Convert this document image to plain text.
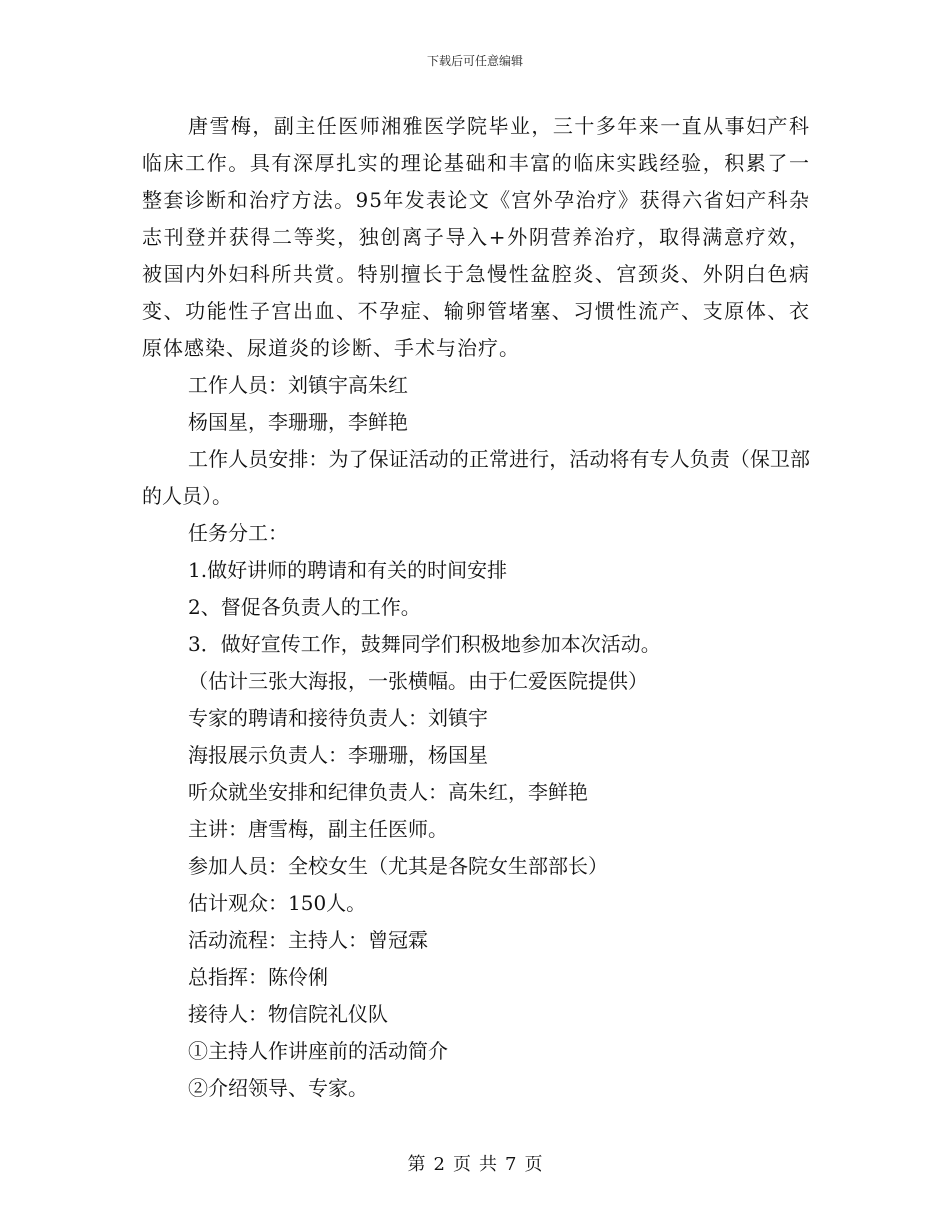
下载后可任意编辑

唐雪梅，副主任医师湘雅医学院毕业，三十多年来一直从事妇产科临床工作。具有深厚扎实的理论基础和丰富的临床实践经验，积累了一整套诊断和治疗方法。95年发表论文《宫外孕治疗》获得六省妇产科杂志刊登并获得二等奖，独创离子导入+外阴营养治疗，取得满意疗效，被国内外妇科所共赏。特别擅长于急慢性盆腔炎、宫颈炎、外阴白色病变、功能性子宫出血、不孕症、输卵管堵塞、习惯性流产、支原体、衣原体感染、尿道炎的诊断、手术与治疗。

工作人员：刘镇宇高朱红

杨国星，李珊珊，李鲜艳

工作人员安排：为了保证活动的正常进行，活动将有专人负责（保卫部的人员）。

任务分工：

1.做好讲师的聘请和有关的时间安排

2、督促各负责人的工作。

3．做好宣传工作，鼓舞同学们积极地参加本次活动。

（估计三张大海报，一张横幅。由于仁爱医院提供）

专家的聘请和接待负责人：刘镇宇

海报展示负责人：李珊珊，杨国星

听众就坐安排和纪律负责人：高朱红，李鲜艳

主讲：唐雪梅，副主任医师。

参加人员：全校女生（尤其是各院女生部部长）

估计观众：150人。

活动流程：主持人：曾冠霖

总指挥：陈伶俐

接待人：物信院礼仪队

①主持人作讲座前的活动简介

②介绍领导、专家。

第 2 页 共 7 页
